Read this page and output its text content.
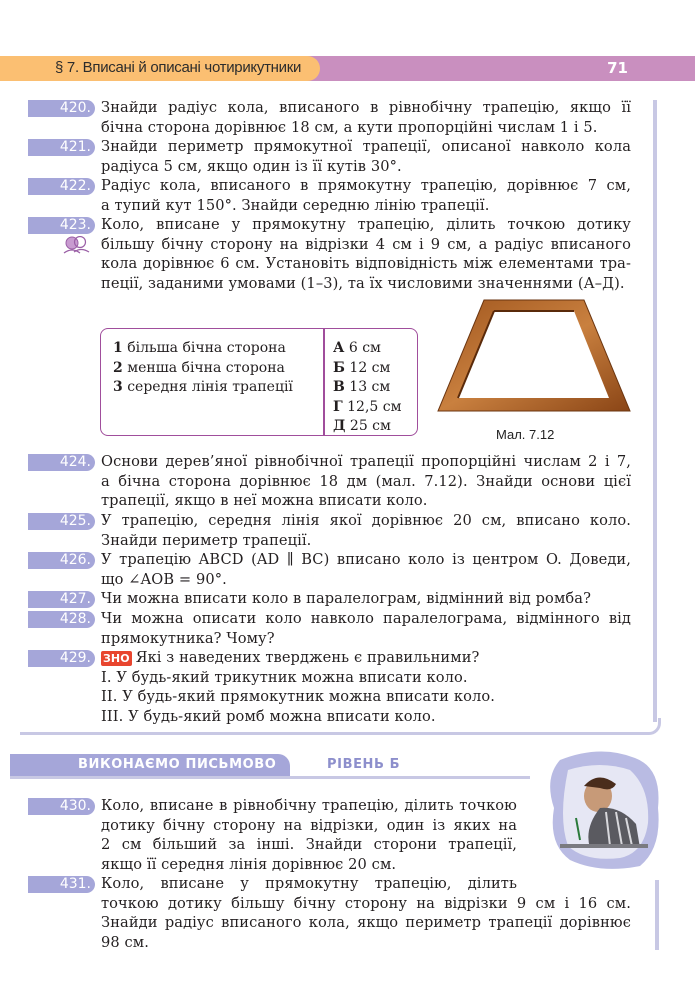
§ 7. Вписані й описані чотирикутники	71
420. Знайди радіус кола, вписаного в рівнобічну трапецію, якщо її
бічна сторона дорівнює 18 см, а кути пропорційні числам 1 і 5.
421. Знайди периметр прямокутної трапеції, описаної навколо кола
радіуса 5 см, якщо один із її кутів 30°.
422. Радіус кола, вписаного в прямокутну трапецію, дорівнює 7 см,
а тупий кут 150°. Знайди середню лінію трапеції.
423. Коло, вписане у прямокутну трапецію, ділить точкою дотику
більшу бічну сторону на відрізки 4 см і 9 см, а радіус вписаного
кола дорівнює 6 см. Установіть відповідність між елементами тра-
пеції, заданими умовами (1–3), та їх числовими значеннями (А–Д).
1 більша бічна сторона
2 менша бічна сторона
3 середня лінія трапеції
А 6 см
Б 12 см
В 13 см
Г 12,5 см
Д 25 см
Мал. 7.12
424. Основи дерев’яної рівнобічної трапеції пропорційні числам 2 і 7,
а бічна сторона дорівнює 18 дм (мал. 7.12). Знайди основи цієї
трапеції, якщо в неї можна вписати коло.
425. У трапецію, середня лінія якої дорівнює 20 см, вписано коло.
Знайди периметр трапеції.
426. У трапецію ABCD (AD ∥ BC) вписано коло із центром O. Доведи,
що ∠AOB = 90°.
427. Чи можна вписати коло в паралелограм, відмінний від ромба?
428. Чи можна описати коло навколо паралелограма, відмінного від
прямокутника? Чому?
429.	ЗНО Які з наведених тверджень є правильними?
I. У будь-який трикутник можна вписати коло.
II. У будь-який прямокутник можна вписати коло.
III. У будь-який ромб можна вписати коло.
ВИКОНАЄМО ПИСЬМОВО	РІВЕНЬ Б
430. Коло, вписане в рівнобічну трапецію, ділить точкою
дотику бічну сторону на відрізки, один із яких на
2 см більший за інші. Знайди сторони трапеції,
якщо її середня лінія дорівнює 20 см.
431. Коло, вписане у прямокутну трапецію, ділить
точкою дотику більшу бічну сторону на відрізки 9 см і 16 см.
Знайди радіус вписаного кола, якщо периметр трапеції дорівнює
98 см.
